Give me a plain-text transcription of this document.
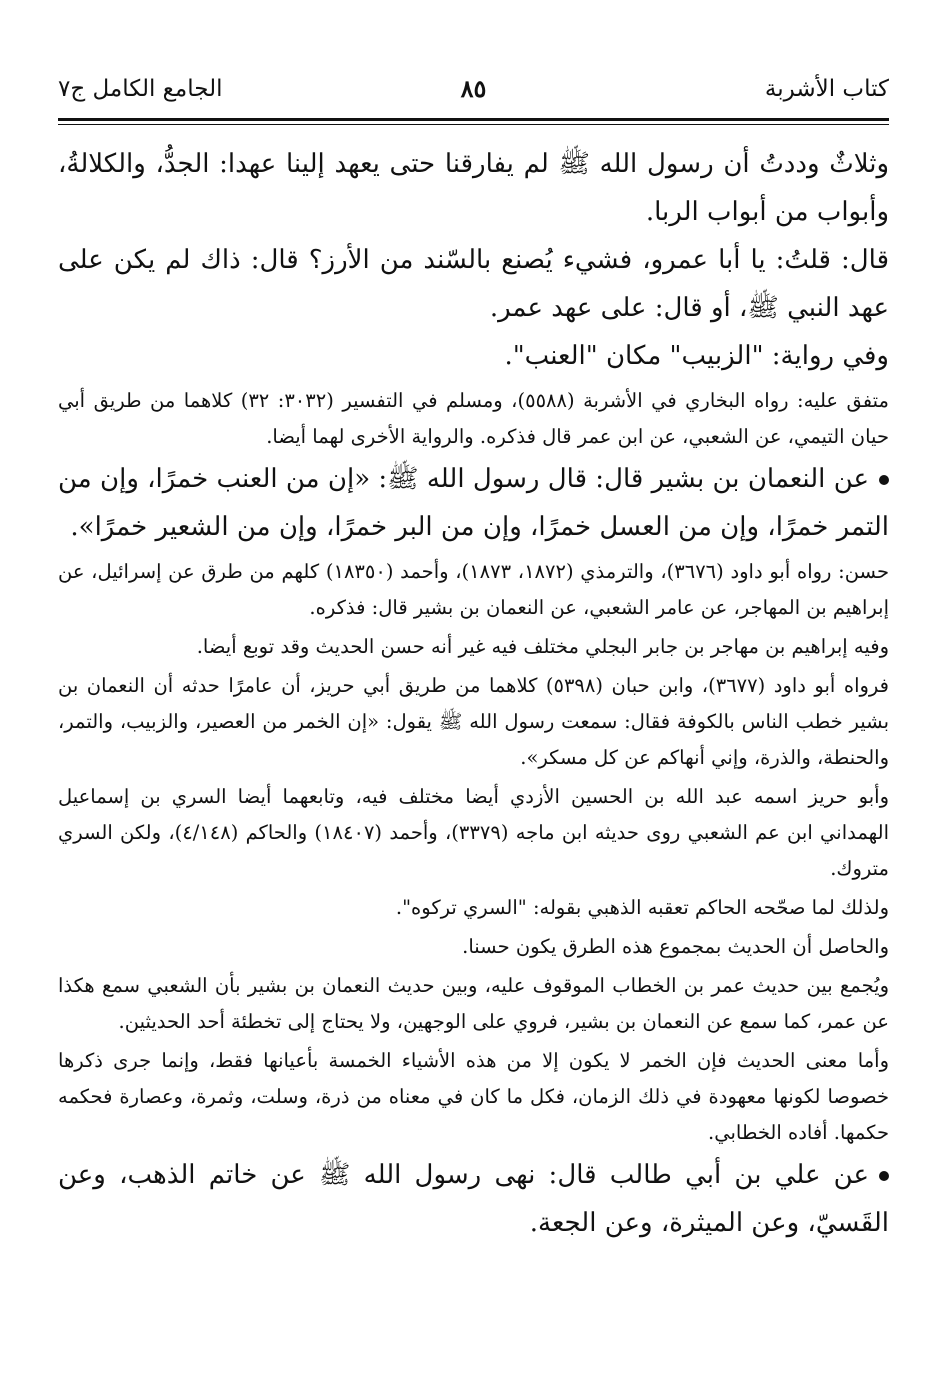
كتاب الأشربة
٨٥
الجامع الكامل ج٧

وثلاثٌ وددتُ أن رسول الله ﷺ لم يفارقنا حتى يعهد إلينا عهدا: الجدُّ، والكلالةُ، وأبواب من أبواب الربا.

قال: قلتُ: يا أبا عمرو، فشيء يُصنع بالسّند من الأرز؟ قال: ذاك لم يكن على عهد النبي ﷺ، أو قال: على عهد عمر.

وفي رواية: "الزبيب" مكان "العنب".

متفق عليه: رواه البخاري في الأشربة (٥٥٨٨)، ومسلم في التفسير (٣٠٣٢: ٣٢) كلاهما من طريق أبي حيان التيمي، عن الشعبي، عن ابن عمر قال فذكره. والرواية الأخرى لهما أيضا.

عن النعمان بن بشير قال: قال رسول الله ﷺ: «إن من العنب خمرًا، وإن من التمر خمرًا، وإن من العسل خمرًا، وإن من البر خمرًا، وإن من الشعير خمرًا».

حسن: رواه أبو داود (٣٦٧٦)، والترمذي (١٨٧٢، ١٨٧٣)، وأحمد (١٨٣٥٠) كلهم من طرق عن إسرائيل، عن إبراهيم بن المهاجر، عن عامر الشعبي، عن النعمان بن بشير قال: فذكره.

وفيه إبراهيم بن مهاجر بن جابر البجلي مختلف فيه غير أنه حسن الحديث وقد توبع أيضا.

فرواه أبو داود (٣٦٧٧)، وابن حبان (٥٣٩٨) كلاهما من طريق أبي حريز، أن عامرًا حدثه أن النعمان بن بشير خطب الناس بالكوفة فقال: سمعت رسول الله ﷺ يقول: «إن الخمر من العصير، والزبيب، والتمر، والحنطة، والذرة، وإني أنهاكم عن كل مسكر».

وأبو حريز اسمه عبد الله بن الحسين الأزدي أيضا مختلف فيه، وتابعهما أيضا السري بن إسماعيل الهمداني ابن عم الشعبي روى حديثه ابن ماجه (٣٣٧٩)، وأحمد (١٨٤٠٧) والحاكم (٤/١٤٨)، ولكن السري متروك.

ولذلك لما صحّحه الحاكم تعقبه الذهبي بقوله: "السري تركوه".

والحاصل أن الحديث بمجموع هذه الطرق يكون حسنا.

ويُجمع بين حديث عمر بن الخطاب الموقوف عليه، وبين حديث النعمان بن بشير بأن الشعبي سمع هكذا عن عمر، كما سمع عن النعمان بن بشير، فروي على الوجهين، ولا يحتاج إلى تخطئة أحد الحديثين.

وأما معنى الحديث فإن الخمر لا يكون إلا من هذه الأشياء الخمسة بأعيانها فقط، وإنما جرى ذكرها خصوصا لكونها معهودة في ذلك الزمان، فكل ما كان في معناه من ذرة، وسلت، وثمرة، وعصارة فحكمه حكمها. أفاده الخطابي.

عن علي بن أبي طالب قال: نهى رسول الله ﷺ عن خاتم الذهب، وعن القَسيّ، وعن الميثرة، وعن الجعة.
